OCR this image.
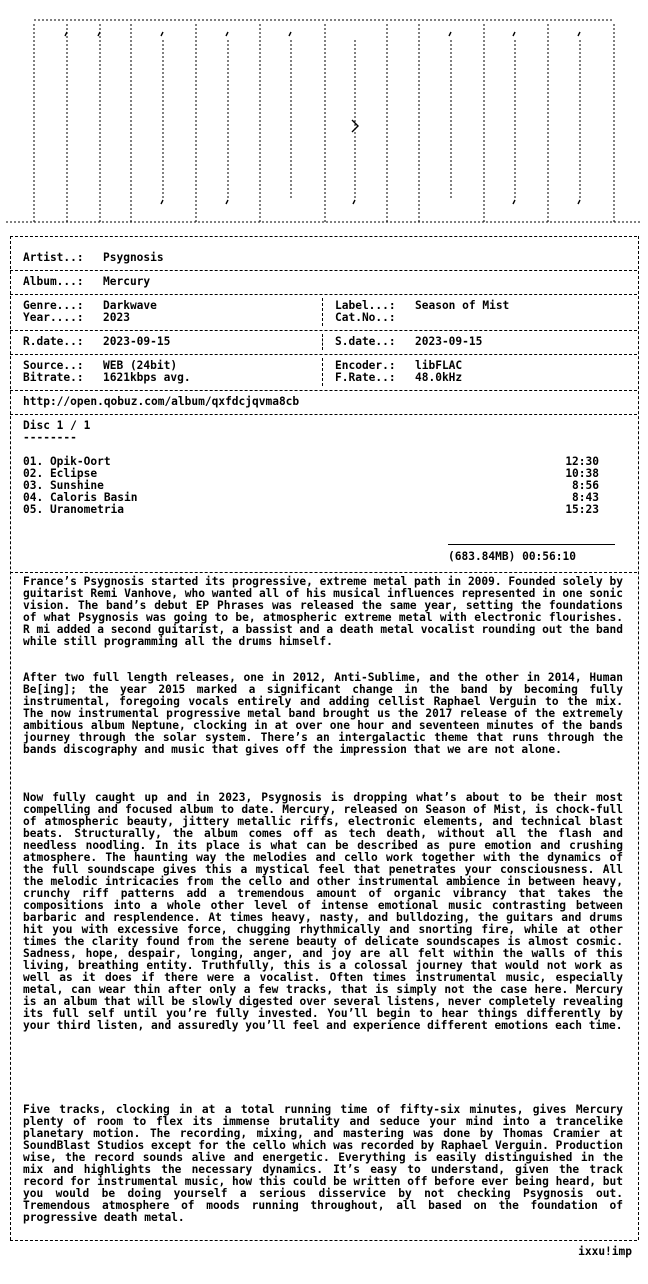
Artist..: Psygnosis
Album...: Mercury
Genre...: Darkwave
Year....: 2023
Label...: Season of Mist
Cat.No..:
R.date..: 2023-09-15	S.date..: 2023-09-15
Source..: WEB (24bit)
Bitrate.: 1621kbps avg.
Encoder.: libFLAC
F.Rate..: 48.0kHz
http://open.qobuz.com/album/qxfdcjqvma8cb
Disc 1 / 1
--------
01. Opik-Oort	12:30
02. Eclipse	10:38
03. Sunshine	8:56
04. Caloris Basin	8:43
05. Uranometria	15:23
(683.84MB) 00:56:10
France’s Psygnosis started its progressive, extreme metal path in 2009. Founded solely by guitarist Remi Vanhove, who wanted all of his musical influences represented in one sonic vision. The band’s debut EP Phrases was released the same year, setting the foundations of what Psygnosis was going to be, atmospheric extreme metal with electronic flourishes. R mi added a second guitarist, a bassist and a death metal vocalist rounding out the band while still programming all the drums himself.
After two full length releases, one in 2012, Anti-Sublime, and the other in 2014, Human Be[ing]; the year 2015 marked a significant change in the band by becoming fully instrumental, foregoing vocals entirely and adding cellist Raphael Verguin to the mix. The now instrumental progressive metal band brought us the 2017 release of the extremely ambitious album Neptune, clocking in at over one hour and seventeen minutes of the bands journey through the solar system. There’s an intergalactic theme that runs through the bands discography and music that gives off the impression that we are not alone.
Now fully caught up and in 2023, Psygnosis is dropping what’s about to be their most compelling and focused album to date. Mercury, released on Season of Mist, is chock-full of atmospheric beauty, jittery metallic riffs, electronic elements, and technical blast beats. Structurally, the album comes off as tech death, without all the flash and needless noodling. In its place is what can be described as pure emotion and crushing atmosphere. The haunting way the melodies and cello work together with the dynamics of the full soundscape gives this a mystical feel that penetrates your consciousness. All the melodic intricacies from the cello and other instrumental ambience in between heavy, crunchy riff patterns add a tremendous amount of organic vibrancy that takes the compositions into a whole other level of intense emotional music contrasting between barbaric and resplendence. At times heavy, nasty, and bulldozing, the guitars and drums hit you with excessive force, chugging rhythmically and snorting fire, while at other times the clarity found from the serene beauty of delicate soundscapes is almost cosmic. Sadness, hope, despair, longing, anger, and joy are all felt within the walls of this living, breathing entity. Truthfully, this is a colossal journey that would not work as well as it does if there were a vocalist. Often times instrumental music, especially metal, can wear thin after only a few tracks, that is simply not the case here. Mercury is an album that will be slowly digested over several listens, never completely revealing its full self until you’re fully invested. You’ll begin to hear things differently by your third listen, and assuredly you’ll feel and experience different emotions each time.
Five tracks, clocking in at a total running time of fifty-six minutes, gives Mercury plenty of room to flex its immense brutality and seduce your mind into a trancelike planetary motion. The recording, mixing, and mastering was done by Thomas Cramier at SoundBlast Studios except for the cello which was recorded by Raphael Verguin. Production wise, the record sounds alive and energetic. Everything is easily distinguished in the mix and highlights the necessary dynamics. It’s easy to understand, given the track record for instrumental music, how this could be written off before ever being heard, but you would be doing yourself a serious disservice by not checking Psygnosis out. Tremendous atmosphere of moods running throughout, all based on the foundation of progressive death metal.
ixxu!imp
